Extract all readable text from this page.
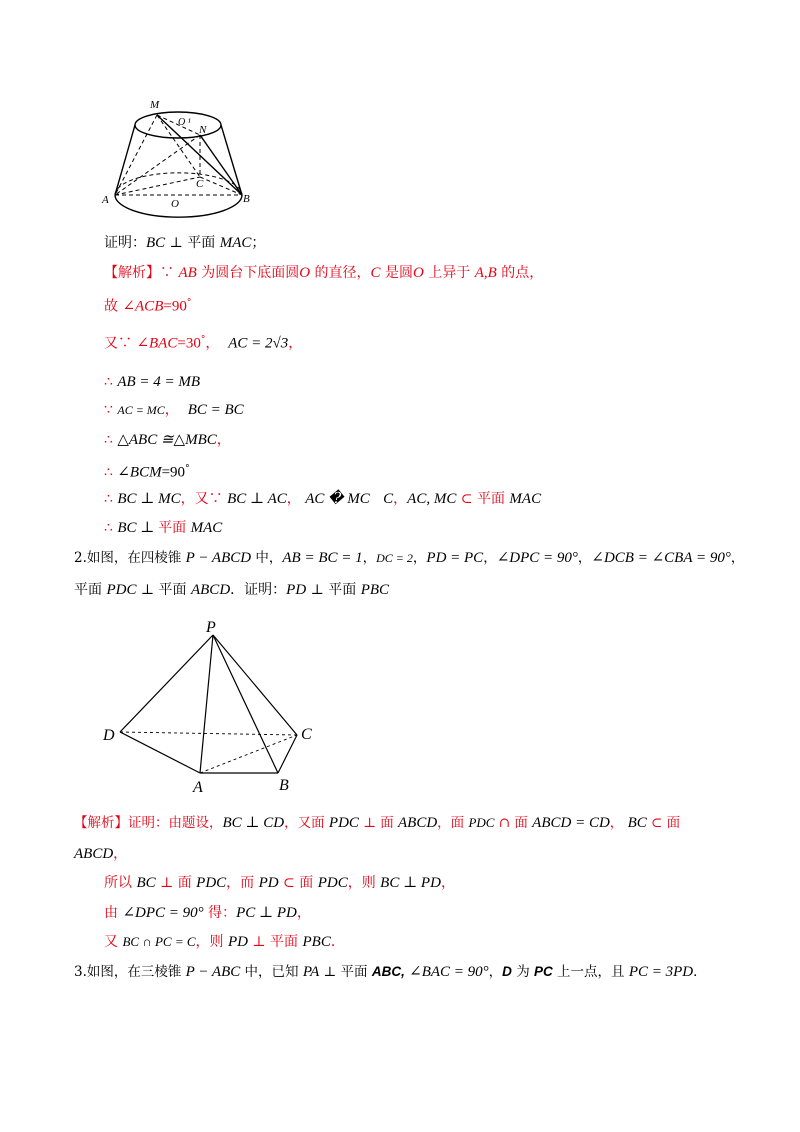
M
O ¹
N
C
A	O	B
证明：BC ⊥ 平面 MAC；
【解析】∵ AB 为圆台下底面圆O 的直径，C 是圆O 上异于 A,B 的点，
故 ∠ACB=90°
又∵ ∠BAC=30°， AC = 2√3，
∴ AB = 4 = MB
∵ AC = MC， BC = BC
∴ △ABC ≅△MBC，
∴ ∠BCM=90°
∴ BC ⊥ MC，又∵ BC ⊥ AC， AC � MC C，AC, MC ⊂ 平面 MAC
∴ BC ⊥ 平面 MAC
2.如图，在四棱锥 P − ABCD 中，AB = BC = 1，DC = 2，PD = PC，∠DPC = 90°，∠DCB = ∠CBA = 90°，
平面 PDC ⊥ 平面 ABCD．证明：PD ⊥ 平面 PBC
P
D	C
A	B
【解析】证明：由题设，BC ⊥ CD，又面 PDC ⊥ 面 ABCD，面 PDC ∩ 面 ABCD = CD， BC ⊂ 面
ABCD，
所以 BC ⊥ 面 PDC，而 PD ⊂ 面 PDC，则 BC ⊥ PD，
由 ∠DPC = 90° 得：PC ⊥ PD，
又 BC ∩ PC = C，则 PD ⊥ 平面 PBC．
3.如图，在三棱锥 P − ABC 中，已知 PA ⊥ 平面 ABC, ∠BAC = 90°，D 为 PC 上一点，且 PC = 3PD．
